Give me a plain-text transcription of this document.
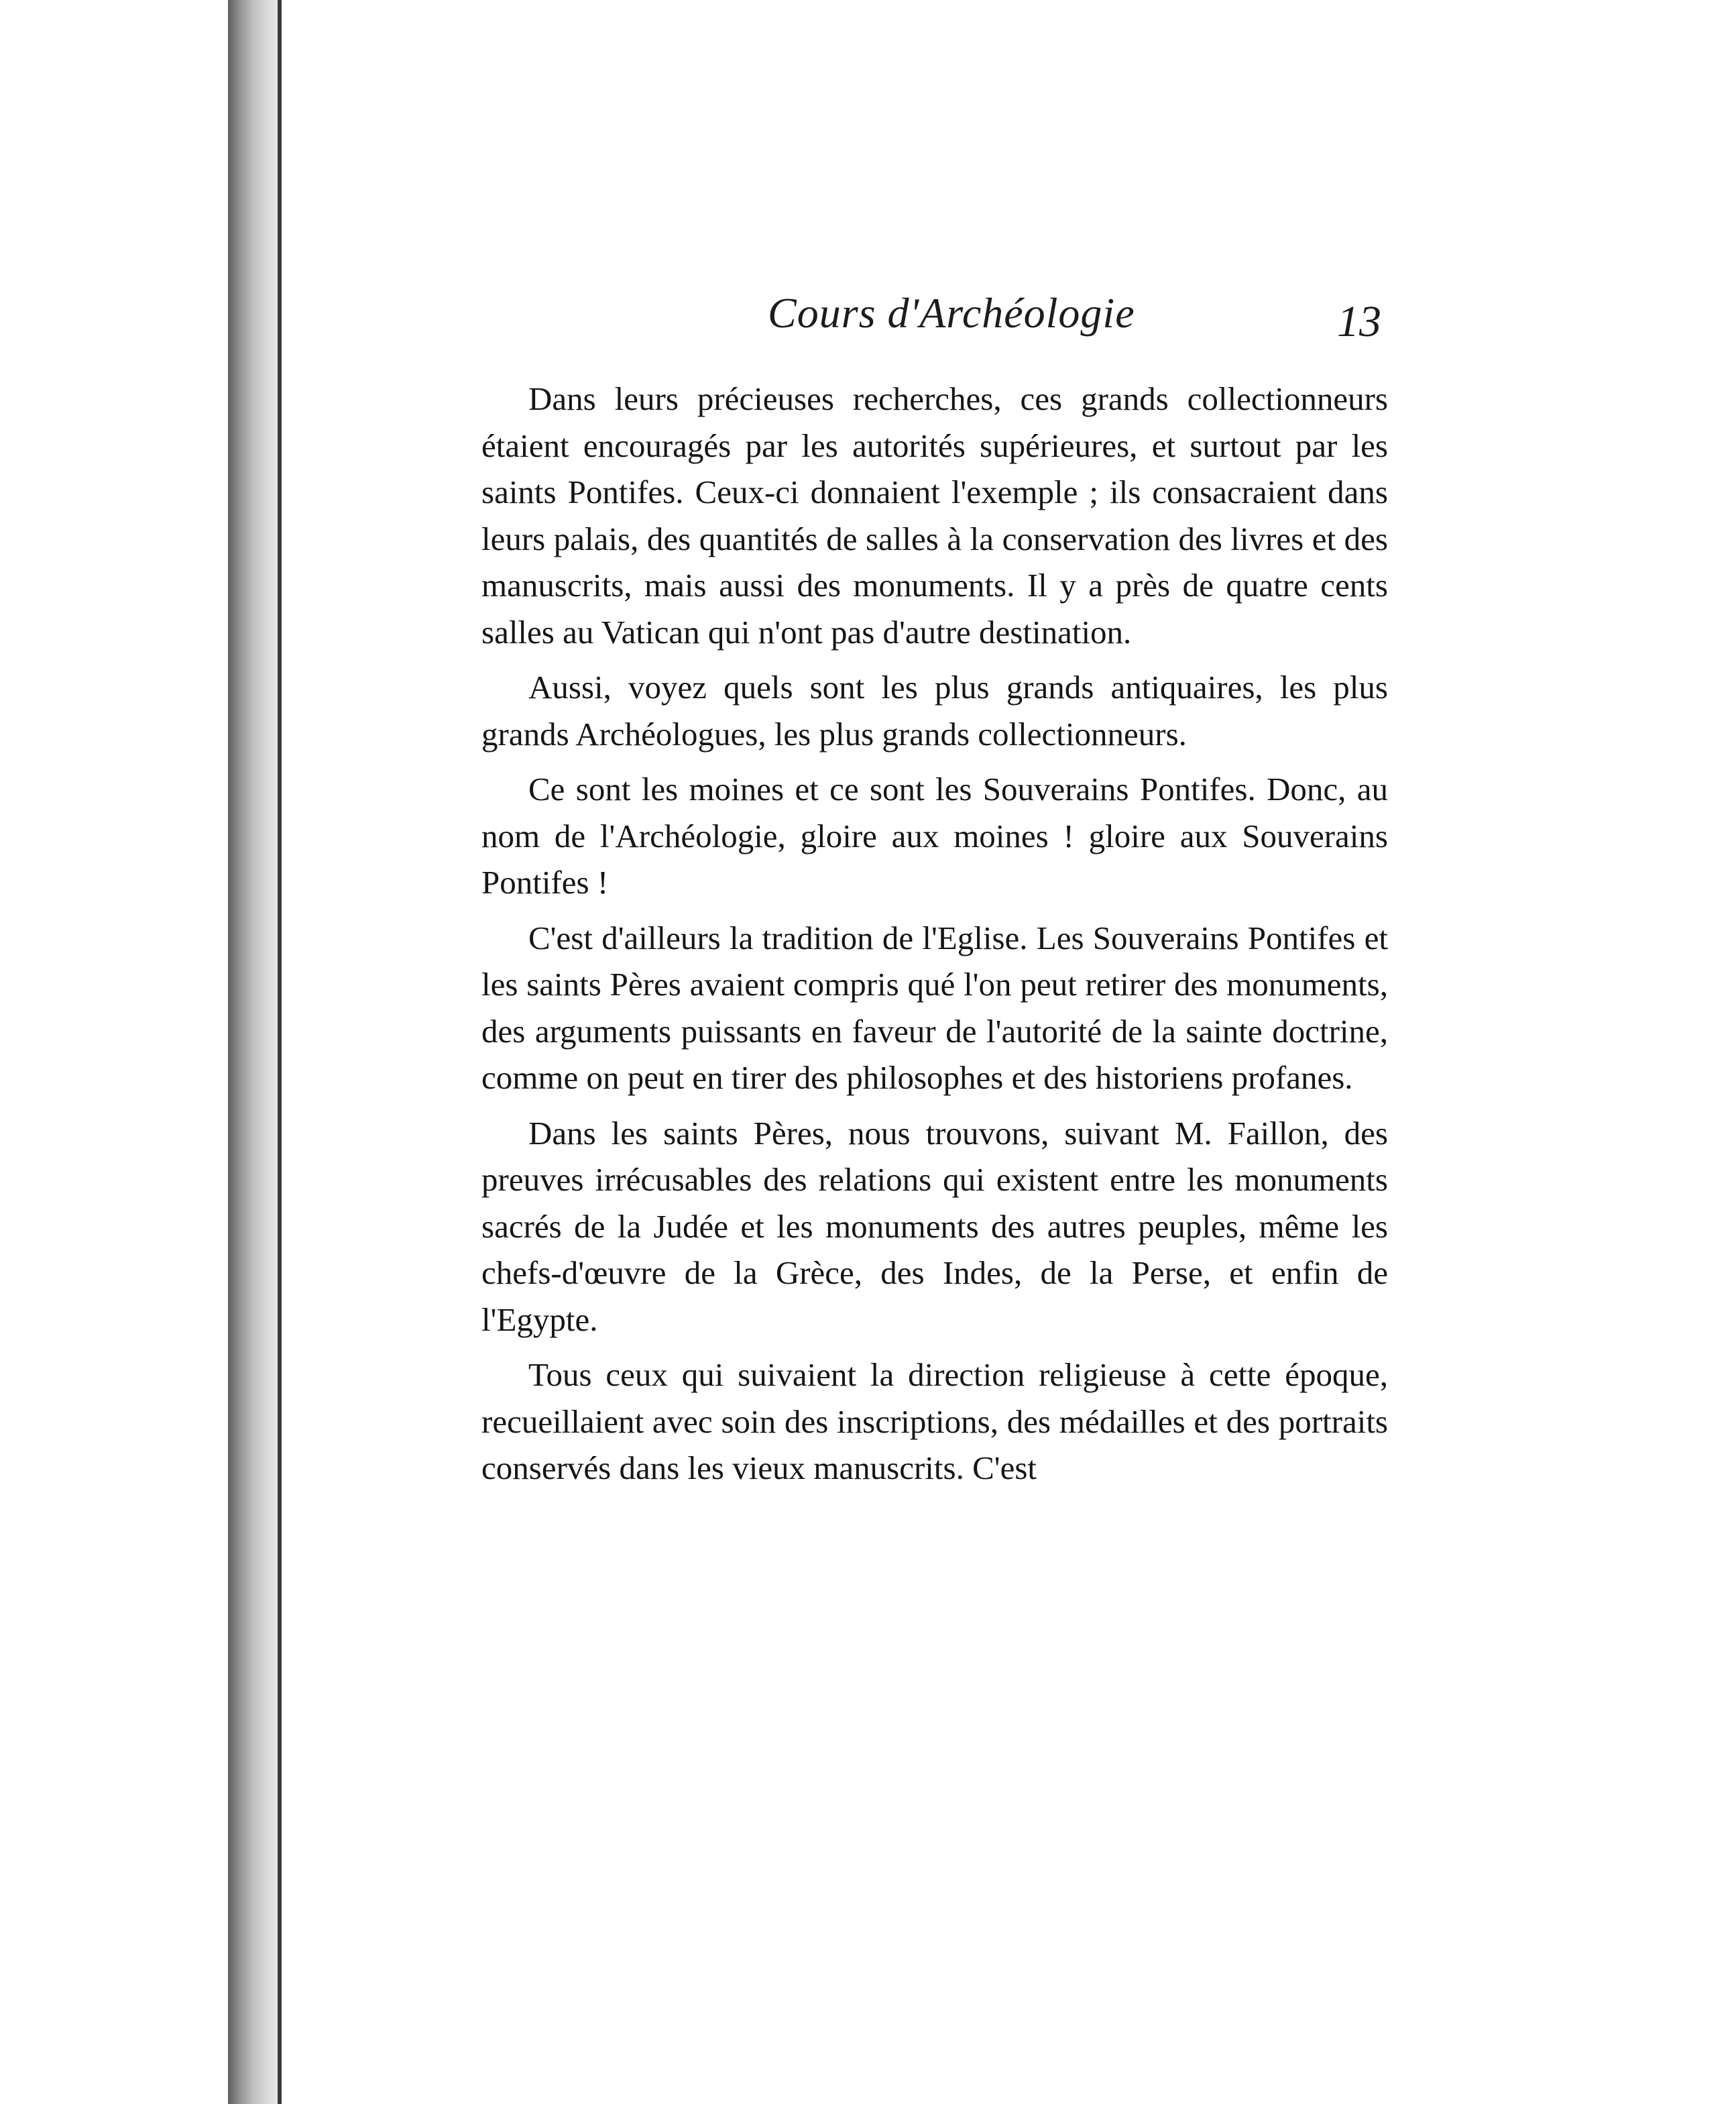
Cours d'Archéologie	13

Dans leurs précieuses recherches, ces grands collectionneurs étaient encouragés par les autorités supérieures, et surtout par les saints Pontifes. Ceux-ci donnaient l'exemple ; ils consacraient dans leurs palais, des quantités de salles à la conservation des livres et des manuscrits, mais aussi des monuments. Il y a près de quatre cents salles au Vatican qui n'ont pas d'autre destination.

Aussi, voyez quels sont les plus grands antiquaires, les plus grands Archéologues, les plus grands collectionneurs.

Ce sont les moines et ce sont les Souverains Pontifes. Donc, au nom de l'Archéologie, gloire aux moines ! gloire aux Souverains Pontifes !

C'est d'ailleurs la tradition de l'Eglise. Les Souverains Pontifes et les saints Pères avaient compris qué l'on peut retirer des monuments, des arguments puissants en faveur de l'autorité de la sainte doctrine, comme on peut en tirer des philosophes et des historiens profanes.

Dans les saints Pères, nous trouvons, suivant M. Faillon, des preuves irrécusables des relations qui existent entre les monuments sacrés de la Judée et les monuments des autres peuples, même les chefs-d'œuvre de la Grèce, des Indes, de la Perse, et enfin de l'Egypte.

Tous ceux qui suivaient la direction religieuse à cette époque, recueillaient avec soin des inscriptions, des médailles et des portraits conservés dans les vieux manuscrits. C'est
